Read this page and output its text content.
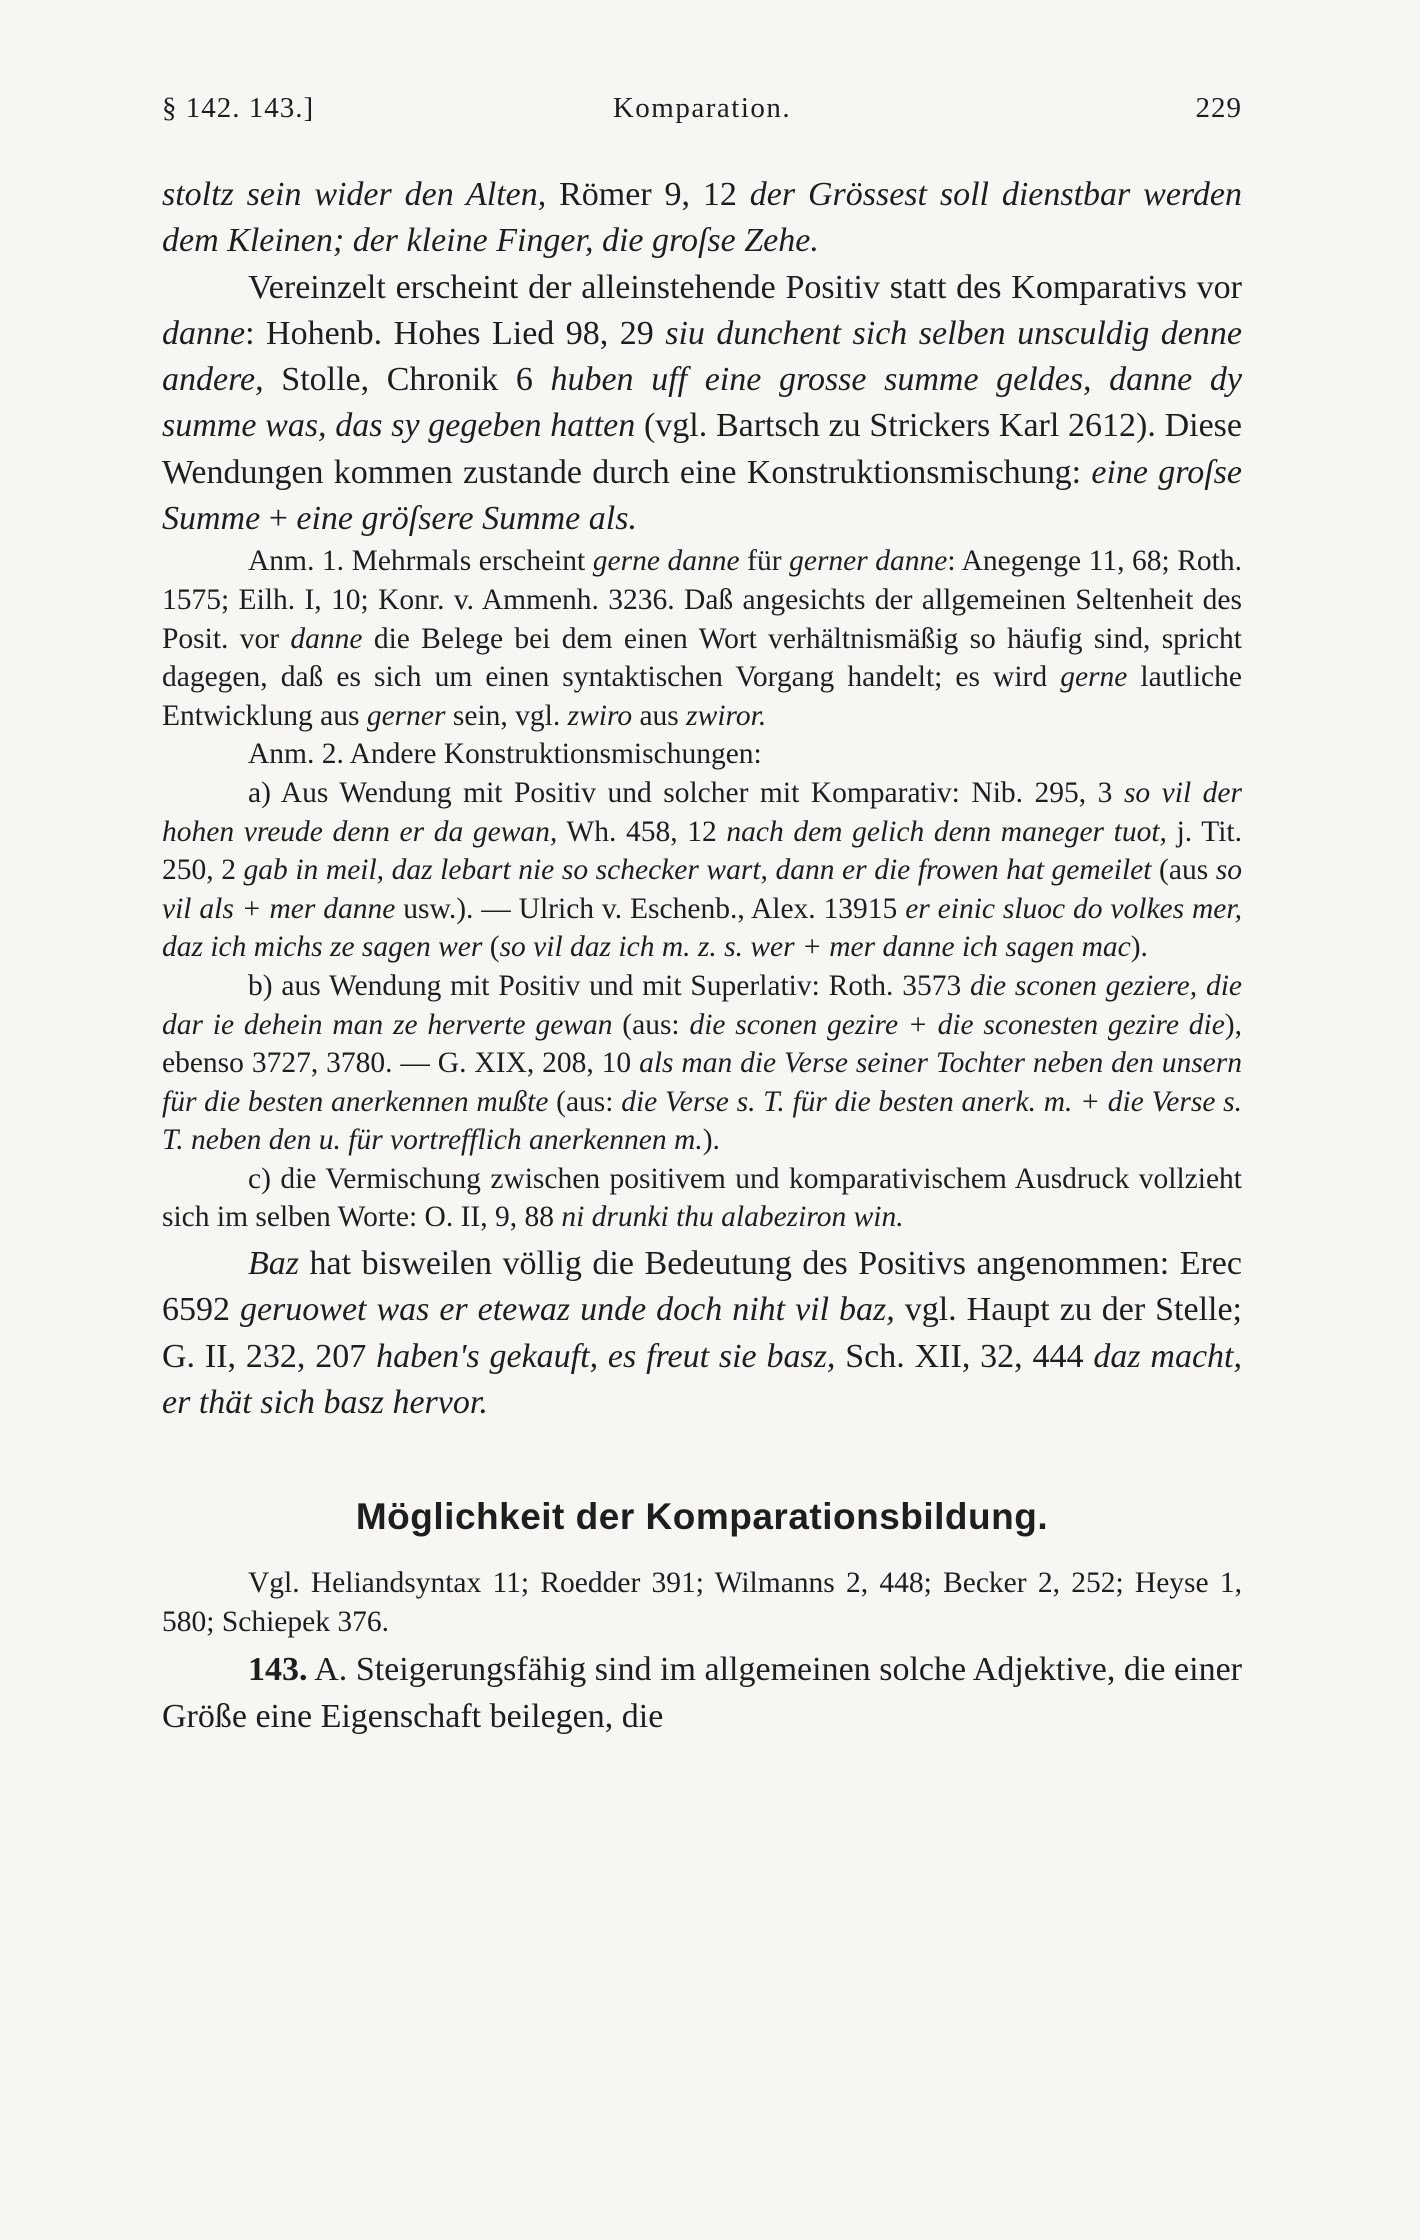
§ 142. 143.]	Komparation.	229

stoltz sein wider den Alten, Römer 9, 12 der Grössest soll dienstbar werden dem Kleinen; der kleine Finger, die groſse Zehe.

Vereinzelt erscheint der alleinstehende Positiv statt des Komparativs vor danne: Hohenb. Hohes Lied 98, 29 siu dunchent sich selben unsculdig denne andere, Stolle, Chronik 6 huben uff eine grosse summe geldes, danne dy summe was, das sy gegeben hatten (vgl. Bartsch zu Strickers Karl 2612). Diese Wendungen kommen zustande durch eine Konstruktionsmischung: eine groſse Summe + eine gröſsere Summe als.

Anm. 1. Mehrmals erscheint gerne danne für gerner danne: Anegenge 11, 68; Roth. 1575; Eilh. I, 10; Konr. v. Ammenh. 3236. Daß angesichts der allgemeinen Seltenheit des Posit. vor danne die Belege bei dem einen Wort verhältnismäßig so häufig sind, spricht dagegen, daß es sich um einen syntaktischen Vorgang handelt; es wird gerne lautliche Entwicklung aus gerner sein, vgl. zwiro aus zwiror.

Anm. 2. Andere Konstruktionsmischungen:

a) Aus Wendung mit Positiv und solcher mit Komparativ: Nib. 295, 3 so vil der hohen vreude denn er da gewan, Wh. 458, 12 nach dem gelich denn maneger tuot, j. Tit. 250, 2 gab in meil, daz lebart nie so schecker wart, dann er die frowen hat gemeilet (aus so vil als + mer danne usw.). — Ulrich v. Eschenb., Alex. 13915 er einic sluoc do volkes mer, daz ich michs ze sagen wer (so vil daz ich m. z. s. wer + mer danne ich sagen mac).

b) aus Wendung mit Positiv und mit Superlativ: Roth. 3573 die sconen geziere, die dar ie dehein man ze herverte gewan (aus: die sconen gezire + die sconesten gezire die), ebenso 3727, 3780. — G. XIX, 208, 10 als man die Verse seiner Tochter neben den unsern für die besten anerkennen mußte (aus: die Verse s. T. für die besten anerk. m. + die Verse s. T. neben den u. für vortrefflich anerkennen m.).

c) die Vermischung zwischen positivem und komparativischem Ausdruck vollzieht sich im selben Worte: O. II, 9, 88 ni drunki thu alabeziron win.

Baz hat bisweilen völlig die Bedeutung des Positivs angenommen: Erec 6592 geruowet was er etewaz unde doch niht vil baz, vgl. Haupt zu der Stelle; G. II, 232, 207 haben's gekauft, es freut sie basz, Sch. XII, 32, 444 daz macht, er thät sich basz hervor.

Möglichkeit der Komparationsbildung.

Vgl. Heliandsyntax 11; Roedder 391; Wilmanns 2, 448; Becker 2, 252; Heyse 1, 580; Schiepek 376.

143. A. Steigerungsfähig sind im allgemeinen solche Adjektive, die einer Größe eine Eigenschaft beilegen, die
